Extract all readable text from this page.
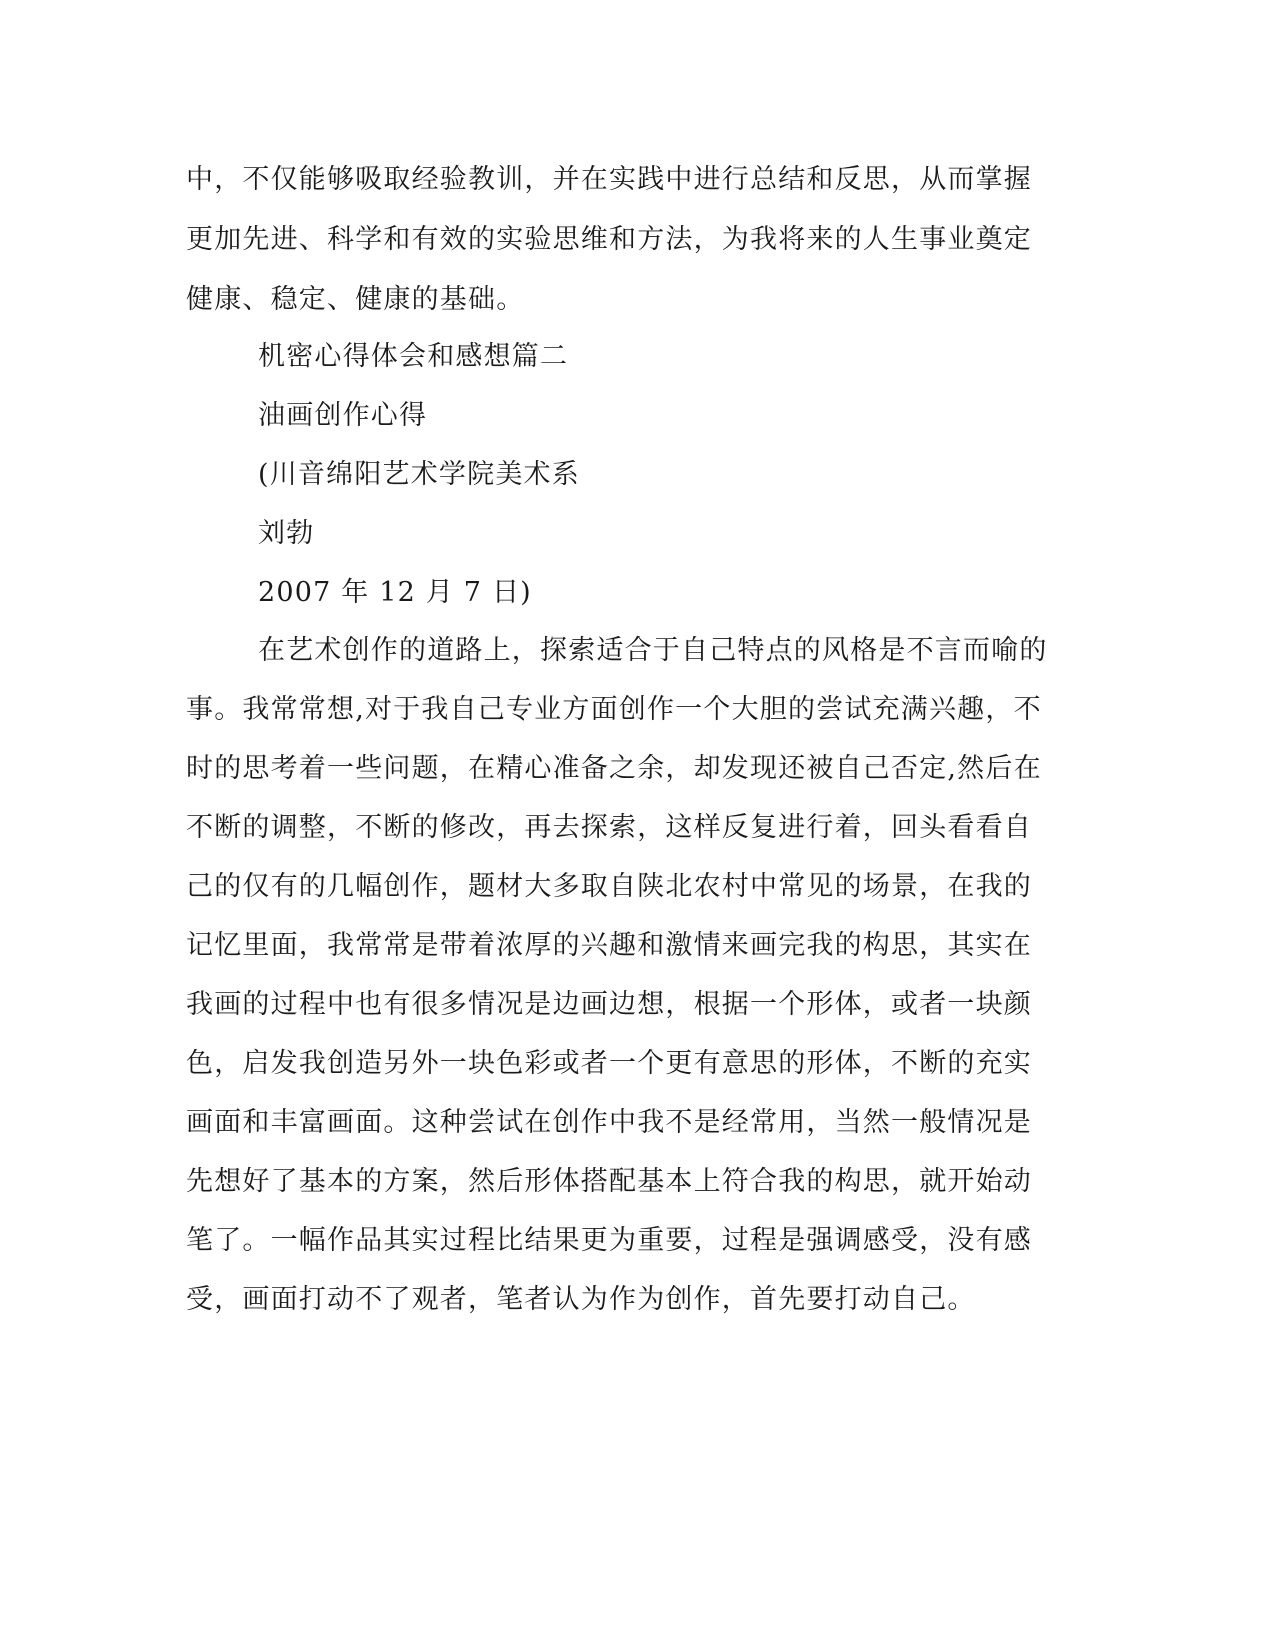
中，不仅能够吸取经验教训，并在实践中进行总结和反思，从而掌握
更加先进、科学和有效的实验思维和方法，为我将来的人生事业奠定
健康、稳定、健康的基础。
机密心得体会和感想篇二
油画创作心得
(川音绵阳艺术学院美术系
刘勃
2007 年 12 月 7 日)
在艺术创作的道路上，探索适合于自己特点的风格是不言而喻的
事。我常常想,对于我自己专业方面创作一个大胆的尝试充满兴趣，不
时的思考着一些问题，在精心准备之余，却发现还被自己否定,然后在
不断的调整，不断的修改，再去探索，这样反复进行着，回头看看自
己的仅有的几幅创作，题材大多取自陕北农村中常见的场景，在我的
记忆里面，我常常是带着浓厚的兴趣和激情来画完我的构思，其实在
我画的过程中也有很多情况是边画边想，根据一个形体，或者一块颜
色，启发我创造另外一块色彩或者一个更有意思的形体，不断的充实
画面和丰富画面。这种尝试在创作中我不是经常用，当然一般情况是
先想好了基本的方案，然后形体搭配基本上符合我的构思，就开始动
笔了。一幅作品其实过程比结果更为重要，过程是强调感受，没有感
受，画面打动不了观者，笔者认为作为创作，首先要打动自己。
